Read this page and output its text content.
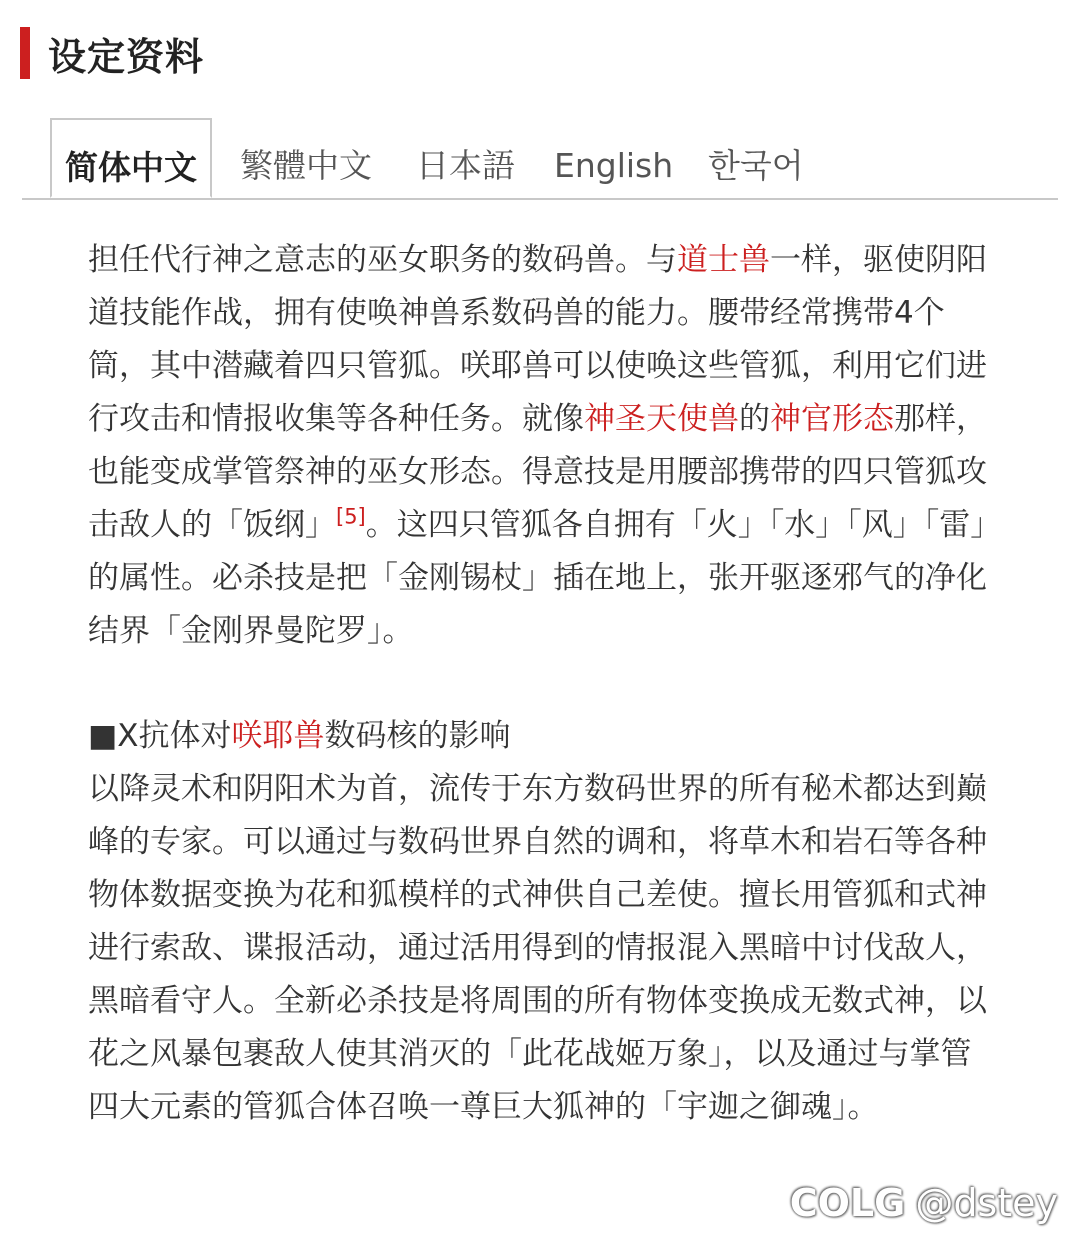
设定资料
简体中文	繁體中文 日本語 English 한국어

担任代行神之意志的巫女职务的数码兽。与道士兽一样，驱使阴阳道技能作战，拥有使唤神兽系数码兽的能力。腰带经常携带4个筒，其中潜藏着四只管狐。咲耶兽可以使唤这些管狐，利用它们进行攻击和情报收集等各种任务。就像神圣天使兽的神官形态那样，也能变成掌管祭神的巫女形态。得意技是用腰部携带的四只管狐攻击敌人的「饭纲」[5]。这四只管狐各自拥有「火」「水」「风」「雷」的属性。必杀技是把「金刚锡杖」插在地上，张开驱逐邪气的净化结界「金刚界曼陀罗」。

■X抗体对咲耶兽数码核的影响

以降灵术和阴阳术为首，流传于东方数码世界的所有秘术都达到巅峰的专家。可以通过与数码世界自然的调和，将草木和岩石等各种物体数据变换为花和狐模样的式神供自己差使。擅长用管狐和式神进行索敌、谍报活动，通过活用得到的情报混入黑暗中讨伐敌人，黑暗看守人。全新必杀技是将周围的所有物体变换成无数式神，以花之风暴包裹敌人使其消灭的「此花战姬万象」，以及通过与掌管四大元素的管狐合体召唤一尊巨大狐神的「宇迦之御魂」。

COLG @dstey
